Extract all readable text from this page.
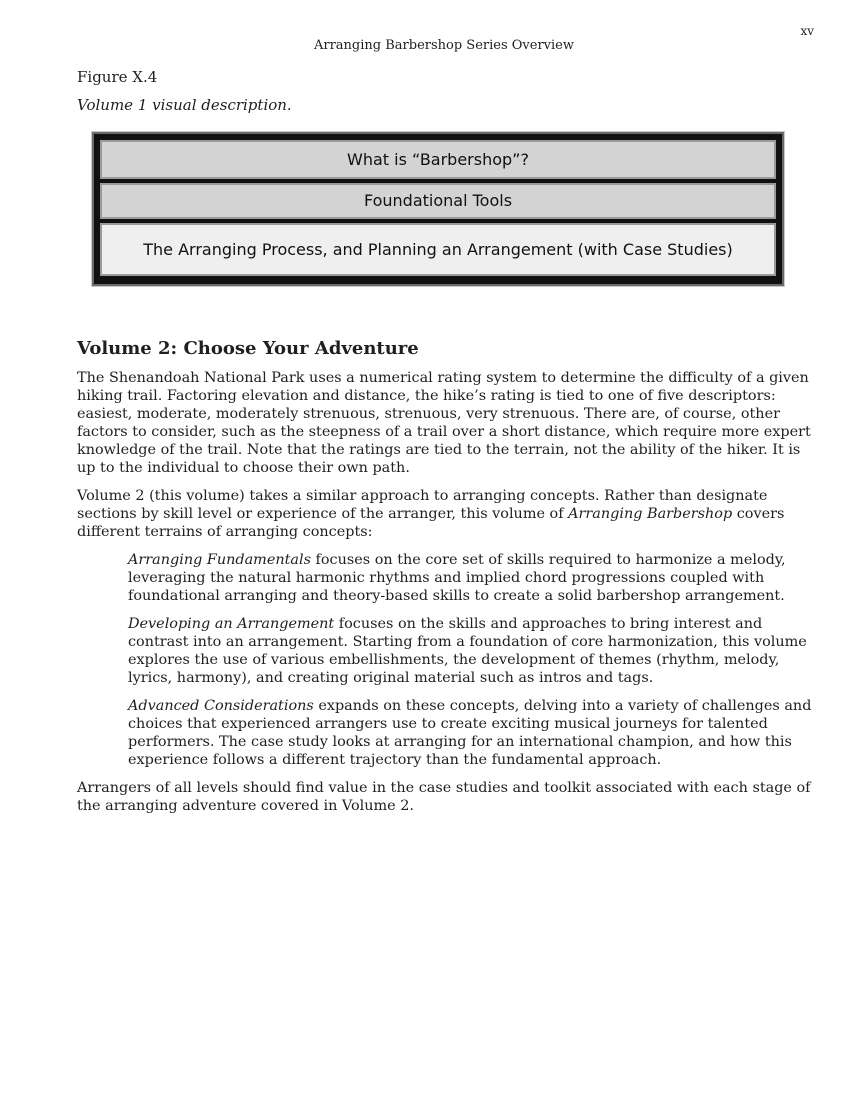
xv
Arranging Barbershop Series Overview

Figure X.4

Volume 1 visual description.

What is “Barbershop”?
Foundational Tools
The Arranging Process, and Planning an Arrangement (with Case Studies)
Volume 2: Choose Your Adventure

The Shenandoah National Park uses a numerical rating system to determine the difficulty of a given hiking trail. Factoring elevation and distance, the hike’s rating is tied to one of five descriptors: easiest, moderate, moderately strenuous, strenuous, very strenuous. There are, of course, other factors to consider, such as the steepness of a trail over a short distance, which require more expert knowledge of the trail. Note that the ratings are tied to the terrain, not the ability of the hiker. It is up to the individual to choose their own path.

Volume 2 (this volume) takes a similar approach to arranging concepts. Rather than designate sections by skill level or experience of the arranger, this volume of Arranging Barbershop covers different terrains of arranging concepts:

Arranging Fundamentals focuses on the core set of skills required to harmonize a melody, leveraging the natural harmonic rhythms and implied chord progressions coupled with foundational arranging and theory-based skills to create a solid barbershop arrangement.

Developing an Arrangement focuses on the skills and approaches to bring interest and contrast into an arrangement. Starting from a foundation of core harmonization, this volume explores the use of various embellishments, the development of themes (rhythm, melody, lyrics, harmony), and creating original material such as intros and tags.

Advanced Considerations expands on these concepts, delving into a variety of challenges and choices that experienced arrangers use to create exciting musical journeys for talented performers. The case study looks at arranging for an international champion, and how this experience follows a different trajectory than the fundamental approach.

Arrangers of all levels should find value in the case studies and toolkit associated with each stage of the arranging adventure covered in Volume 2.
